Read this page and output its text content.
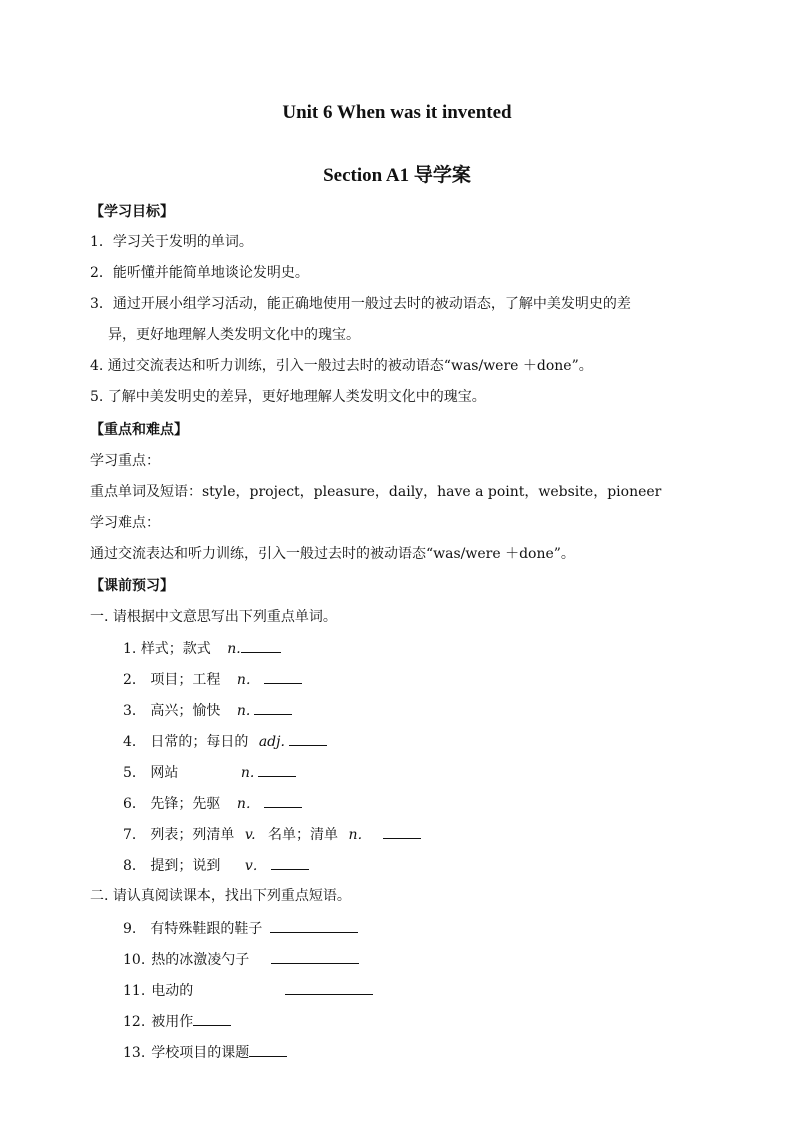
Unit 6 When was it invented
Section A1 导学案
【学习目标】
1．学习关于发明的单词。
2．能听懂并能简单地谈论发明史。
3．通过开展小组学习活动，能正确地使用一般过去时的被动语态，了解中美发明史的差
异，更好地理解人类发明文化中的瑰宝。
4. 通过交流表达和听力训练，引入一般过去时的被动语态“was/were ＋done”。
5. 了解中美发明史的差异，更好地理解人类发明文化中的瑰宝。
【重点和难点】
学习重点：
重点单词及短语：style，project，pleasure，daily，have a point，website，pioneer
学习难点：
通过交流表达和听力训练，引入一般过去时的被动语态“was/were ＋done”。
【课前预习】
一. 请根据中文意思写出下列重点单词。
1. 样式；款式 n.
2． 项目；工程 n．
3． 高兴；愉快 n.
4． 日常的；每日的 adj.
5． 网站	n.
6． 先锋；先驱 n．
7． 列表；列清单 v. 名单；清单 n．
8． 提到；说到 v．
二. 请认真阅读课本，找出下列重点短语。
9. 有特殊鞋跟的鞋子
10. 热的冰激凌勺子
11. 电动的
12. 被用作
13. 学校项目的课题
